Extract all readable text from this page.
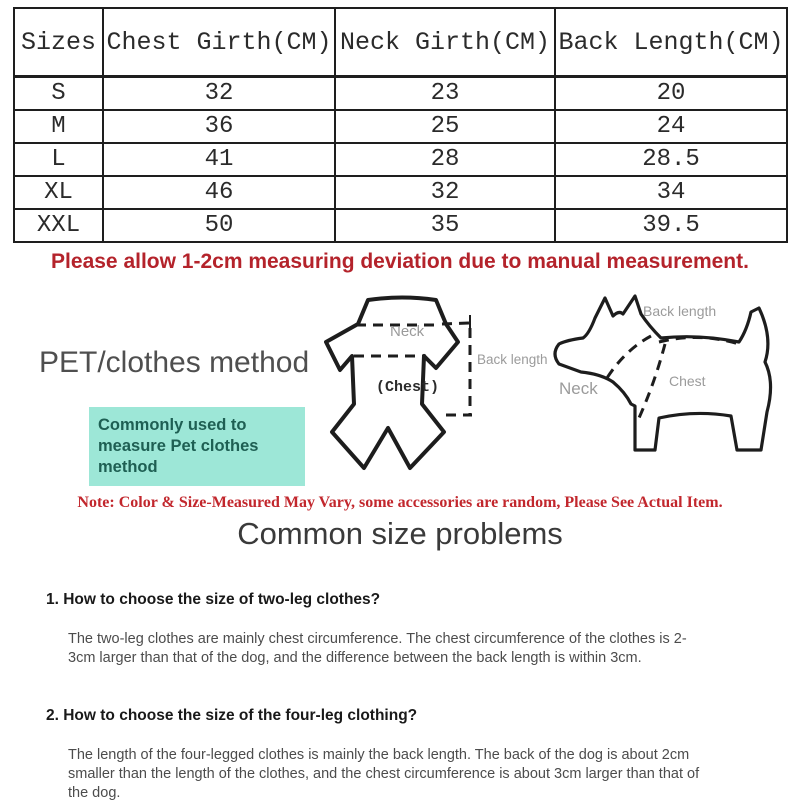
Sizes	Chest Girth(CM)	Neck Girth(CM)	Back Length(CM)
S	32	23	20
M	36	25	24
L	41	28	28.5
XL	46	32	34
XXL	50	35	39.5
Please allow 1-2cm measuring deviation due to manual measurement.
PET/clothes method
Commonly used to measure Pet clothes method
Neck
(Chest)
Back length
Back length
Neck	Chest
Note: Color & Size-Measured May Vary, some accessories are random, Please See Actual Item.
Common size problems
1. How to choose the size of two-leg clothes?
The two-leg clothes are mainly chest circumference. The chest circumference of the clothes is 2-3cm larger than that of the dog, and the difference between the back length is within 3cm.
2. How to choose the size of the four-leg clothing?
The length of the four-legged clothes is mainly the back length. The back of the dog is about 2cm smaller than the length of the clothes, and the chest circumference is about 3cm larger than that of the dog.
